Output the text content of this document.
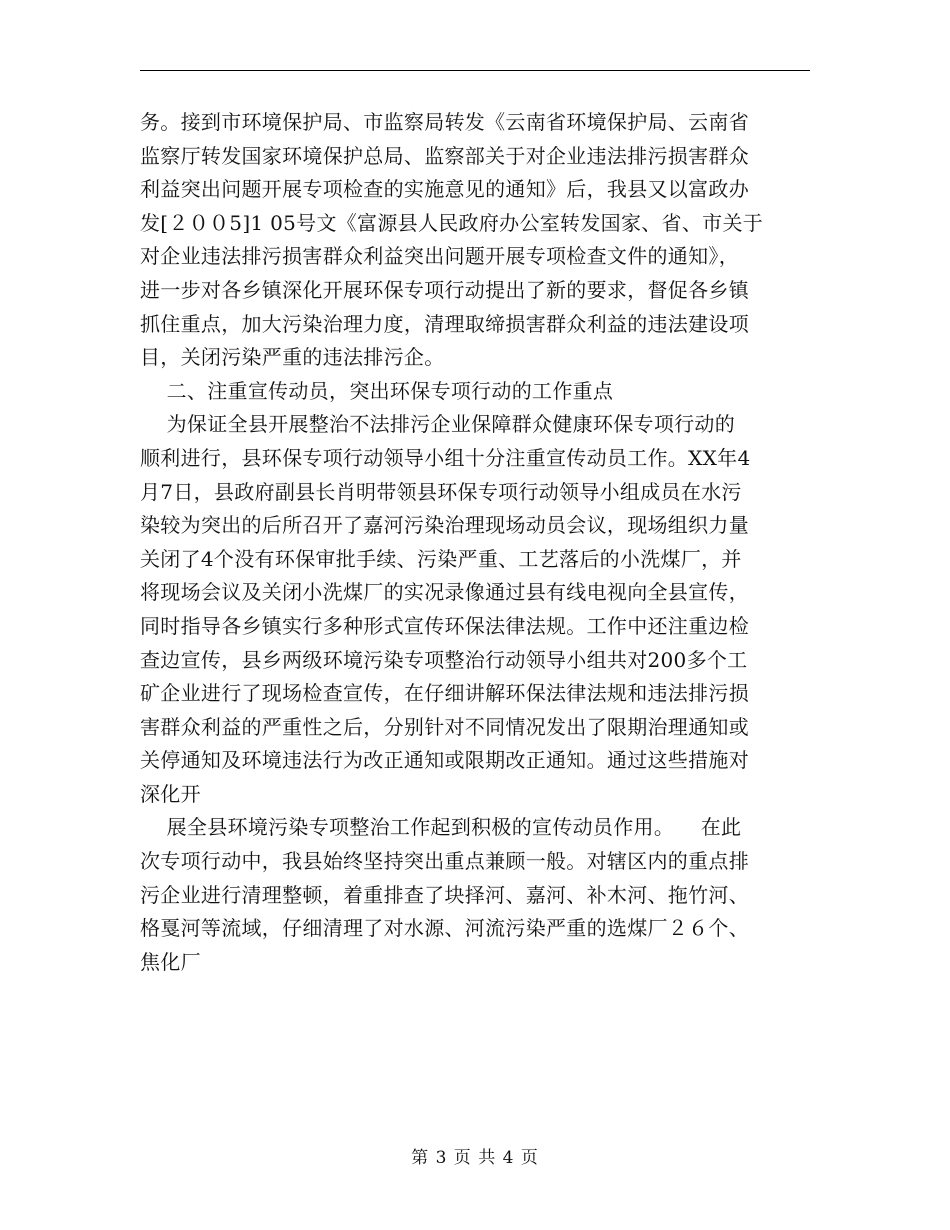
务。接到市环境保护局、市监察局转发《云南省环境保护局、云南省
监察厅转发国家环境保护总局、监察部关于对企业违法排污损害群众
利益突出问题开展专项检查的实施意见的通知》后，我县又以富政办
发[２００5]1 05号文《富源县人民政府办公室转发国家、省、市关于
对企业违法排污损害群众利益突出问题开展专项检查文件的通知》，
进一步对各乡镇深化开展环保专项行动提出了新的要求，督促各乡镇
抓住重点，加大污染治理力度，清理取缔损害群众利益的违法建设项
目，关闭污染严重的违法排污企。
二、注重宣传动员，突出环保专项行动的工作重点
为保证全县开展整治不法排污企业保障群众健康环保专项行动的
顺利进行，县环保专项行动领导小组十分注重宣传动员工作。XX年4
月7日，县政府副县长肖明带领县环保专项行动领导小组成员在水污
染较为突出的后所召开了嘉河污染治理现场动员会议，现场组织力量
关闭了4个没有环保审批手续、污染严重、工艺落后的小洗煤厂，并
将现场会议及关闭小洗煤厂的实况录像通过县有线电视向全县宣传，
同时指导各乡镇实行多种形式宣传环保法律法规。工作中还注重边检
查边宣传，县乡两级环境污染专项整治行动领导小组共对200多个工
矿企业进行了现场检查宣传，在仔细讲解环保法律法规和违法排污损
害群众利益的严重性之后，分别针对不同情况发出了限期治理通知或
关停通知及环境违法行为改正通知或限期改正通知。通过这些措施对
深化开
展全县环境污染专项整治工作起到积极的宣传动员作用。    在此
次专项行动中，我县始终坚持突出重点兼顾一般。对辖区内的重点排
污企业进行清理整顿，着重排查了块择河、嘉河、补木河、拖竹河、
格戛河等流域，仔细清理了对水源、河流污染严重的选煤厂２６个、
焦化厂
第 3 页 共 4 页
